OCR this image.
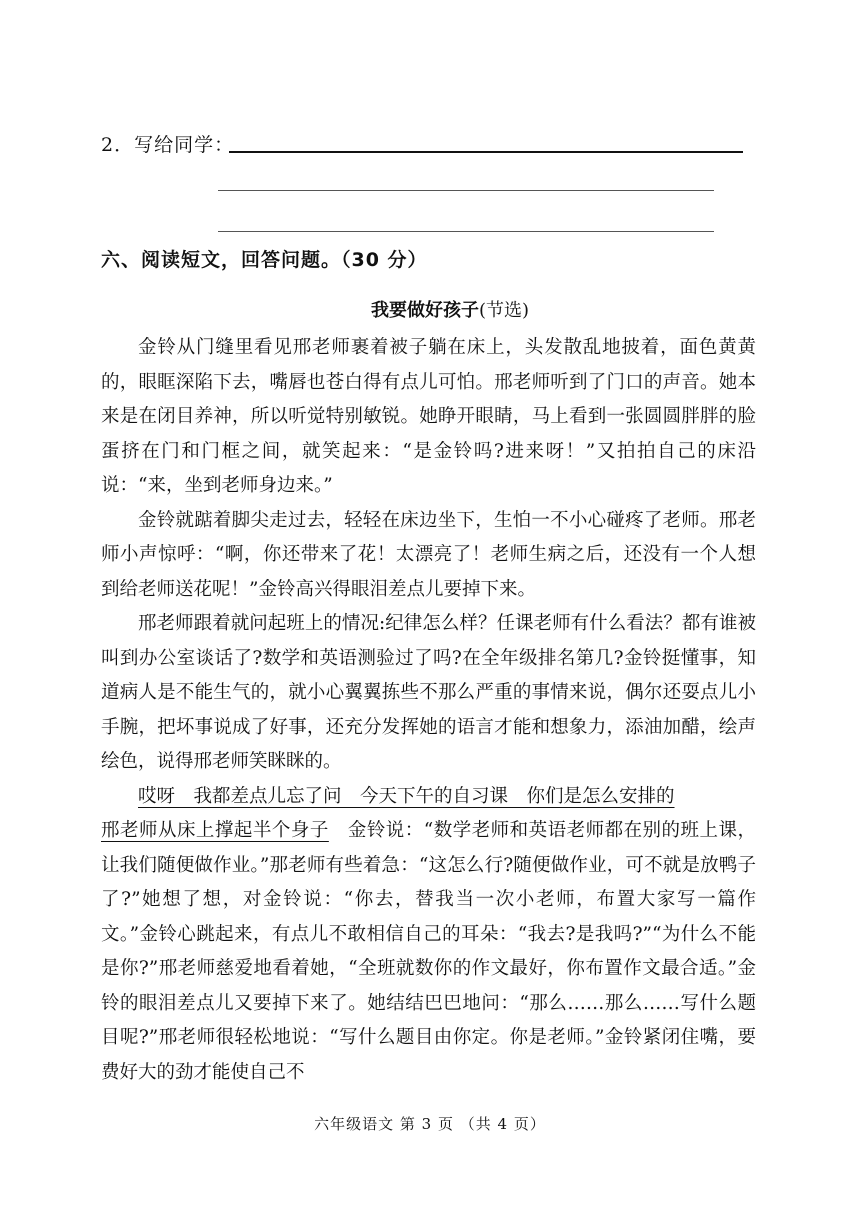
2．写给同学：
六、阅读短文，回答问题。（30 分）
我要做好孩子(节选)

金铃从门缝里看见邢老师裹着被子躺在床上，头发散乱地披着，面色黄黄的，眼眶深陷下去，嘴唇也苍白得有点儿可怕。邢老师听到了门口的声音。她本来是在闭目养神，所以听觉特别敏锐。她睁开眼睛，马上看到一张圆圆胖胖的脸蛋挤在门和门框之间，就笑起来：“是金铃吗?进来呀！”又拍拍自己的床沿说：“来，坐到老师身边来。”

金铃就踮着脚尖走过去，轻轻在床边坐下，生怕一不小心碰疼了老师。邢老师小声惊呼：“啊，你还带来了花！太漂亮了！老师生病之后，还没有一个人想到给老师送花呢！”金铃高兴得眼泪差点儿要掉下来。

邢老师跟着就问起班上的情况:纪律怎么样？任课老师有什么看法？都有谁被叫到办公室谈话了?数学和英语测验过了吗?在全年级排名第几?金铃挺懂事，知道病人是不能生气的，就小心翼翼拣些不那么严重的事情来说，偶尔还耍点儿小手腕，把坏事说成了好事，还充分发挥她的语言才能和想象力，添油加醋，绘声绘色，说得邢老师笑眯眯的。

哎呀　我都差点儿忘了问　今天下午的自习课　你们是怎么安排的

邢老师从床上撑起半个身子　金铃说：“数学老师和英语老师都在别的班上课，让我们随便做作业。”那老师有些着急：“这怎么行?随便做作业，可不就是放鸭子了?”她想了想，对金铃说：“你去，替我当一次小老师，布置大家写一篇作文。”金铃心跳起来，有点儿不敢相信自己的耳朵：“我去?是我吗?”“为什么不能是你?”邢老师慈爱地看着她，“全班就数你的作文最好，你布置作文最合适。”金铃的眼泪差点儿又要掉下来了。她结结巴巴地问：“那么……那么……写什么题目呢?”邢老师很轻松地说：“写什么题目由你定。你是老师。”金铃紧闭住嘴，要费好大的劲才能使自己不

六年级语文 第 3 页 （共 4 页）
